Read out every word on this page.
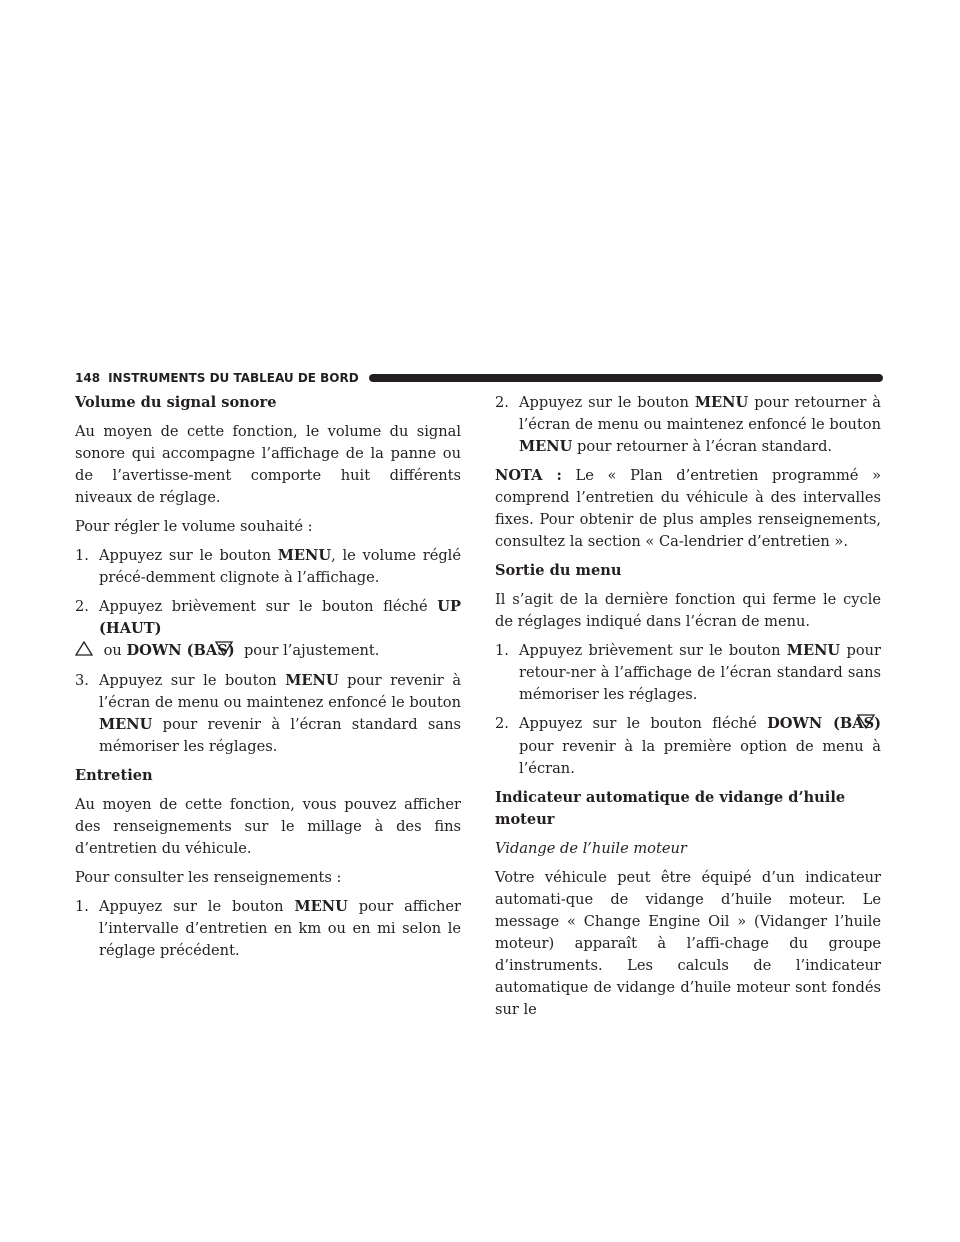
148 INSTRUMENTS DU TABLEAU DE BORD
Volume du signal sonore

Au moyen de cette fonction, le volume du signal sonore qui accompagne l’affichage de la panne ou de l’avertisse-ment comporte huit différents niveaux de réglage.

Pour régler le volume souhaité :

1. Appuyez sur le bouton MENU, le volume réglé précé-demment clignote à l’affichage.
2. Appuyez brièvement sur le bouton fléché UP (HAUT)
ou DOWN (BAS) pour l’ajustement.
3. Appuyez sur le bouton MENU pour revenir à l’écran de menu ou maintenez enfoncé le bouton MENU pour revenir à l’écran standard sans mémoriser les réglages.
Entretien

Au moyen de cette fonction, vous pouvez afficher des renseignements sur le millage à des fins d’entretien du véhicule.

Pour consulter les renseignements :

1. Appuyez sur le bouton MENU pour afficher l’intervalle d’entretien en km ou en mi selon le réglage précédent.
2. Appuyez sur le bouton MENU pour retourner à l’écran de menu ou maintenez enfoncé le bouton MENU pour retourner à l’écran standard.

NOTA : Le « Plan d’entretien programmé » comprend l’entretien du véhicule à des intervalles fixes. Pour obtenir de plus amples renseignements, consultez la section « Ca-lendrier d’entretien ».

Sortie du menu

Il s’agit de la dernière fonction qui ferme le cycle de réglages indiqué dans l’écran de menu.

1. Appuyez brièvement sur le bouton MENU pour retour-ner à l’affichage de l’écran standard sans mémoriser les réglages.
2. Appuyez sur le bouton fléché DOWN (BAS) pour revenir à la première option de menu à l’écran.
Indicateur automatique de vidange d’huile moteur
Vidange de l’huile moteur

Votre véhicule peut être équipé d’un indicateur automati-que de vidange d’huile moteur. Le message « Change Engine Oil » (Vidanger l’huile moteur) apparaît à l’affi-chage du groupe d’instruments. Les calculs de l’indicateur automatique de vidange d’huile moteur sont fondés sur le
